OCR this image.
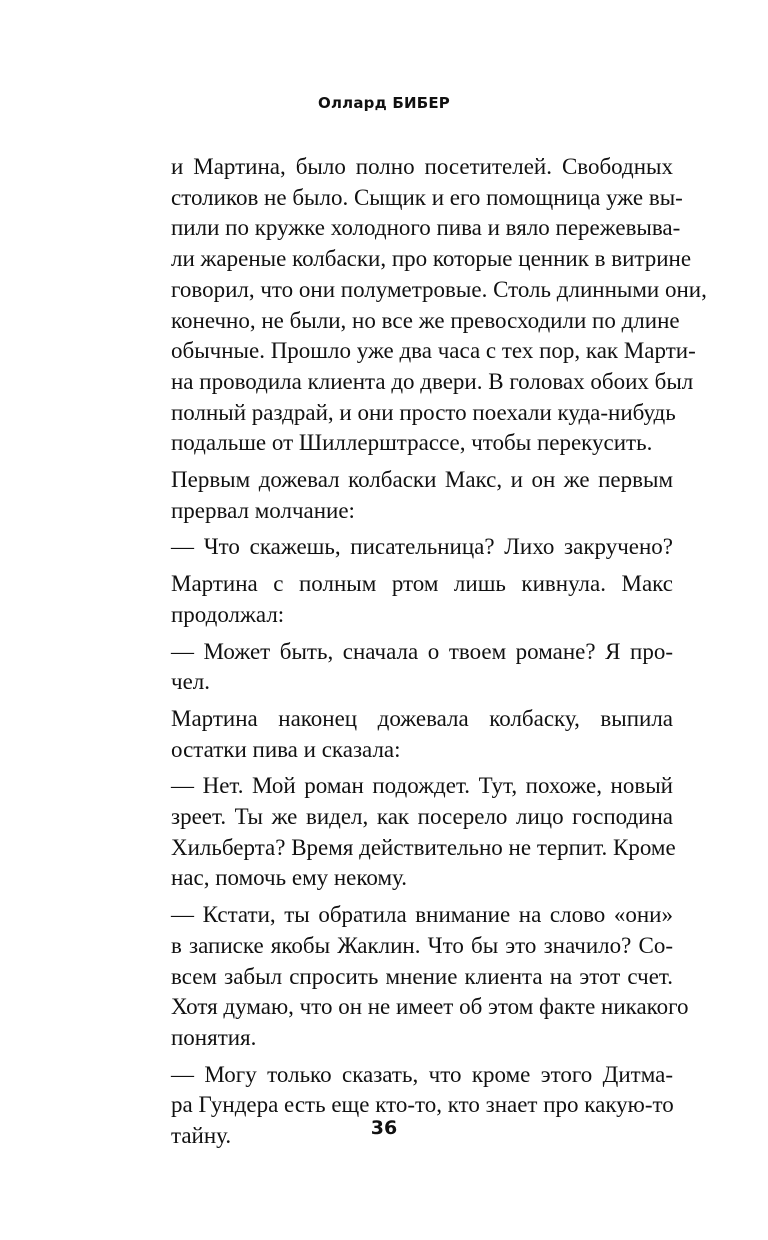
Оллард БИБЕР
и Мартина, было полно посетителей. Свободных
столиков не было. Сыщик и его помощница уже вы-
пили по кружке холодного пива и вяло пережевыва-
ли жареные колбаски, про которые ценник в витрине
говорил, что они полуметровые. Столь длинными они,
конечно, не были, но все же превосходили по длине
обычные. Прошло уже два часа с тех пор, как Марти-
на проводила клиента до двери. В головах обоих был
полный раздрай, и они просто поехали куда-нибудь
подальше от Шиллерштрассе, чтобы перекусить.
Первым дожевал колбаски Макс, и он же первым
прервал молчание:
— Что скажешь, писательница? Лихо закручено?
Мартина с полным ртом лишь кивнула. Макс
продолжал:
— Может быть, сначала о твоем романе? Я про-
чел.
Мартина наконец дожевала колбаску, выпила
остатки пива и сказала:
— Нет. Мой роман подождет. Тут, похоже, новый
зреет. Ты же видел, как посерело лицо господина
Хильберта? Время действительно не терпит. Кроме
нас, помочь ему некому.
— Кстати, ты обратила внимание на слово «они»
в записке якобы Жаклин. Что бы это значило? Со-
всем забыл спросить мнение клиента на этот счет.
Хотя думаю, что он не имеет об этом факте никакого
понятия.
— Могу только сказать, что кроме этого Дитма-
ра Гундера есть еще кто-то, кто знает про какую-то
тайну.	36
